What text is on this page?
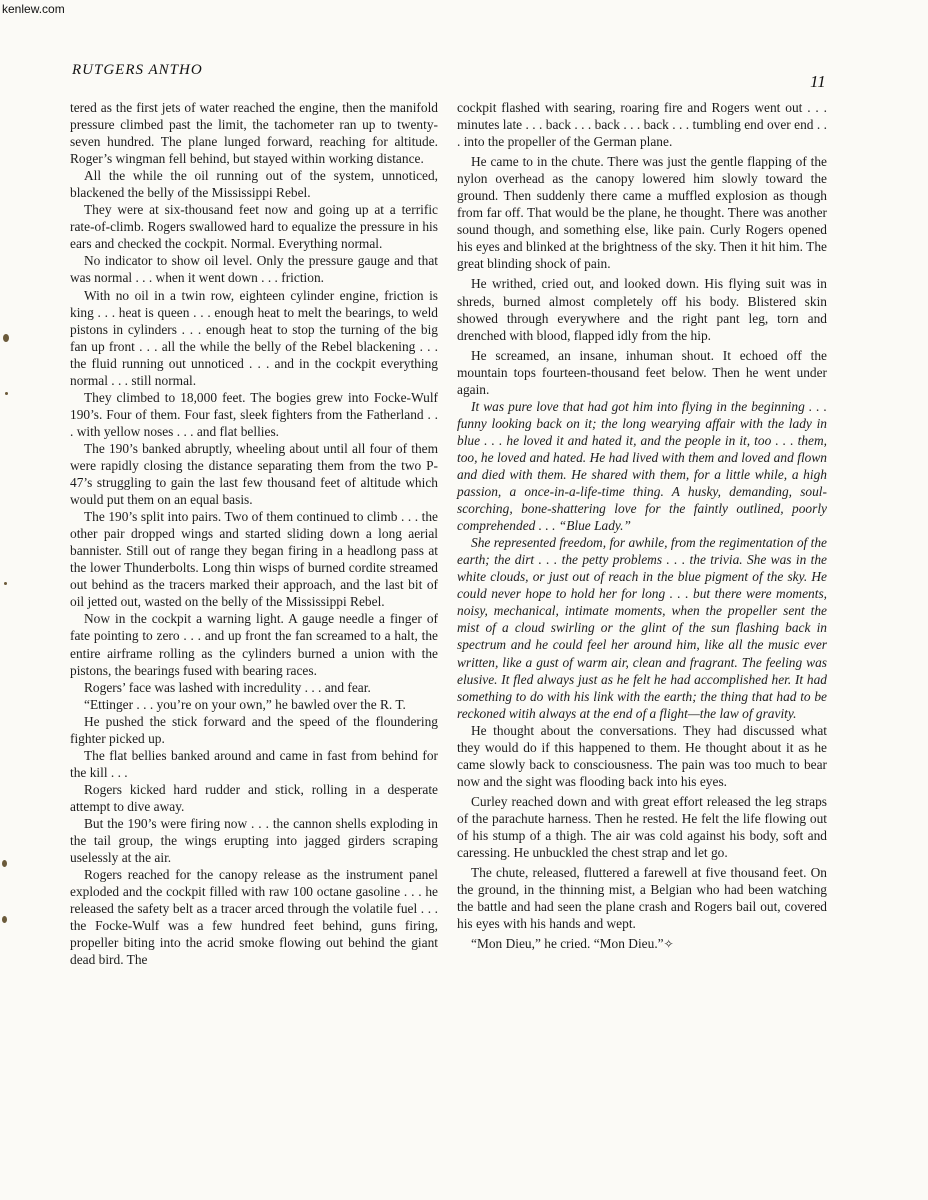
kenlew.com
RUTGERS ANTHO
11

tered as the first jets of water reached the engine, then the manifold pressure climbed past the limit, the tachometer ran up to twenty-seven hundred. The plane lunged forward, reaching for altitude. Roger’s wingman fell behind, but stayed within working distance.

All the while the oil running out of the system, unnoticed, blackened the belly of the Mississippi Rebel.

They were at six-thousand feet now and going up at a terrific rate-of-climb. Rogers swallowed hard to equalize the pressure in his ears and checked the cockpit. Normal. Everything normal.

No indicator to show oil level. Only the pressure gauge and that was normal . . . when it went down . . . friction.

With no oil in a twin row, eighteen cylinder engine, friction is king . . . heat is queen . . . enough heat to melt the bearings, to weld pistons in cylinders . . . enough heat to stop the turning of the big fan up front . . . all the while the belly of the Rebel blackening . . . the fluid running out unnoticed . . . and in the cockpit everything normal . . . still normal.

They climbed to 18,000 feet. The bogies grew into Focke-Wulf 190’s. Four of them. Four fast, sleek fighters from the Fatherland . . . with yellow noses . . . and flat bellies.

The 190’s banked abruptly, wheeling about until all four of them were rapidly closing the distance separating them from the two P-47’s struggling to gain the last few thousand feet of altitude which would put them on an equal basis.

The 190’s split into pairs. Two of them continued to climb . . . the other pair dropped wings and started sliding down a long aerial bannister. Still out of range they began firing in a headlong pass at the lower Thunderbolts. Long thin wisps of burned cordite streamed out behind as the tracers marked their approach, and the last bit of oil jetted out, wasted on the belly of the Mississippi Rebel.

Now in the cockpit a warning light. A gauge needle a finger of fate pointing to zero . . . and up front the fan screamed to a halt, the entire airframe rolling as the cylinders burned a union with the pistons, the bearings fused with bearing races.

Rogers’ face was lashed with incredulity . . . and fear.

“Ettinger . . . you’re on your own,” he bawled over the R. T.

He pushed the stick forward and the speed of the floundering fighter picked up.

The flat bellies banked around and came in fast from behind for the kill . . .

Rogers kicked hard rudder and stick, rolling in a desperate attempt to dive away.

But the 190’s were firing now . . . the cannon shells exploding in the tail group, the wings erupting into jagged girders scraping uselessly at the air.

Rogers reached for the canopy release as the instrument panel exploded and the cockpit filled with raw 100 octane gasoline . . . he released the safety belt as a tracer arced through the volatile fuel . . . the Focke-Wulf was a few hundred feet behind, guns firing, propeller biting into the acrid smoke flowing out behind the giant dead bird. The

cockpit flashed with searing, roaring fire and Rogers went out . . . minutes late . . . back . . . back . . . back . . . tumbling end over end . . . into the propeller of the German plane.

He came to in the chute. There was just the gentle flapping of the nylon overhead as the canopy lowered him slowly toward the ground. Then suddenly there came a muffled explosion as though from far off. That would be the plane, he thought. There was another sound though, and something else, like pain. Curly Rogers opened his eyes and blinked at the brightness of the sky. Then it hit him. The great blinding shock of pain.

He writhed, cried out, and looked down. His flying suit was in shreds, burned almost completely off his body. Blistered skin showed through everywhere and the right pant leg, torn and drenched with blood, flapped idly from the hip.

He screamed, an insane, inhuman shout. It echoed off the mountain tops fourteen-thousand feet below. Then he went under again.

It was pure love that had got him into flying in the beginning . . . funny looking back on it; the long wearying affair with the lady in blue . . . he loved it and hated it, and the people in it, too . . . them, too, he loved and hated. He had lived with them and loved and flown and died with them. He shared with them, for a little while, a high passion, a once-in-a-life-time thing. A husky, demanding, soul-scorching, bone-shattering love for the faintly outlined, poorly comprehended . . . “Blue Lady.”

She represented freedom, for awhile, from the regimentation of the earth; the dirt . . . the petty problems . . . the trivia. She was in the white clouds, or just out of reach in the blue pigment of the sky. He could never hope to hold her for long . . . but there were moments, noisy, mechanical, intimate moments, when the propeller sent the mist of a cloud swirling or the glint of the sun flashing back in spectrum and he could feel her around him, like all the music ever written, like a gust of warm air, clean and fragrant. The feeling was elusive. It fled always just as he felt he had accomplished her. It had something to do with his link with the earth; the thing that had to be reckoned witih always at the end of a flight—the law of gravity.

He thought about the conversations. They had discussed what they would do if this happened to them. He thought about it as he came slowly back to consciousness. The pain was too much to bear now and the sight was flooding back into his eyes.

Curley reached down and with great effort released the leg straps of the parachute harness. Then he rested. He felt the life flowing out of his stump of a thigh. The air was cold against his body, soft and caressing. He unbuckled the chest strap and let go.

The chute, released, fluttered a farewell at five thousand feet. On the ground, in the thinning mist, a Belgian who had been watching the battle and had seen the plane crash and Rogers bail out, covered his eyes with his hands and wept.

“Mon Dieu,” he cried. “Mon Dieu.”✧
